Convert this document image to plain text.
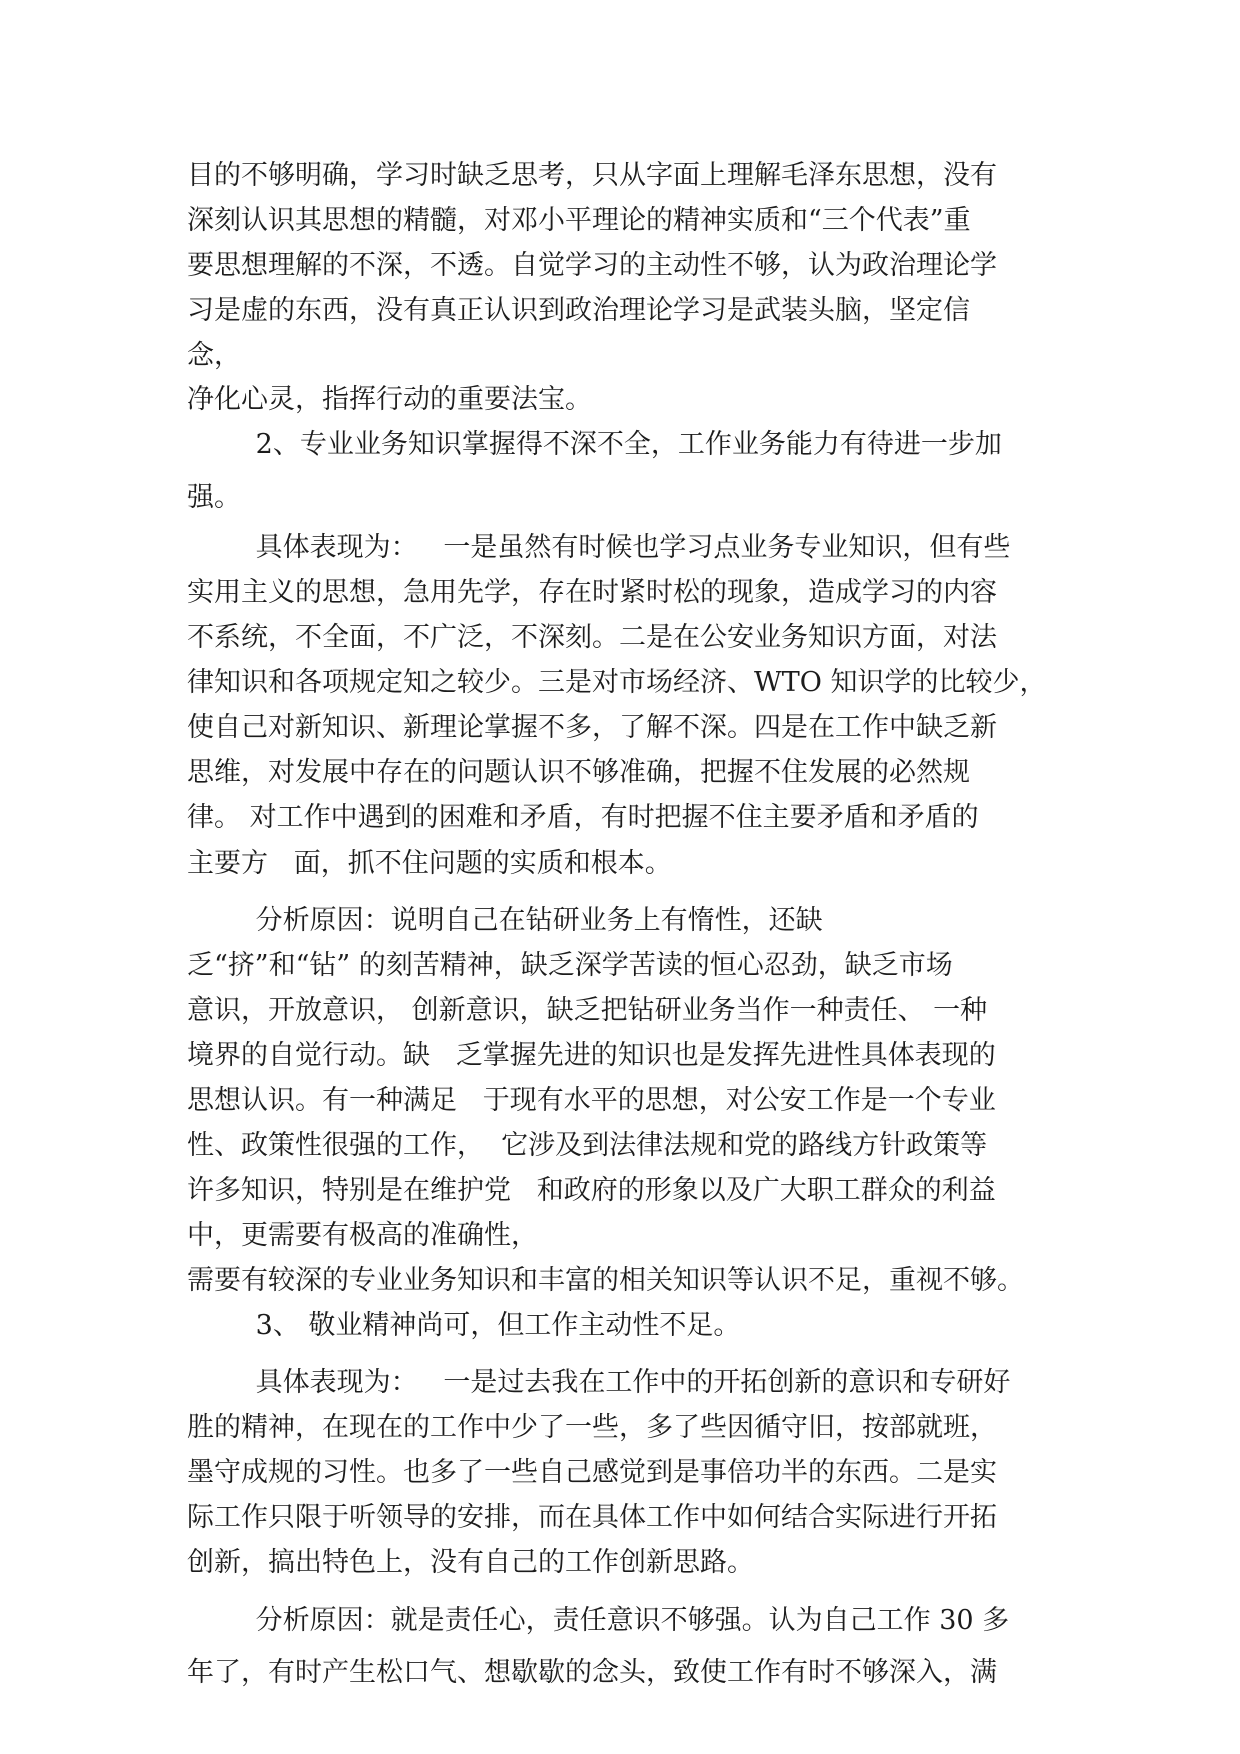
目的不够明确，学习时缺乏思考，只从字面上理解毛泽东思想，没有

深刻认识其思想的精髓，对邓小平理论的精神实质和“三个代表”重

要思想理解的不深，不透。自觉学习的主动性不够，认为政治理论学

习是虚的东西，没有真正认识到政治理论学习是武装头脑，坚定信

念，

净化心灵，指挥行动的重要法宝。

2、专业业务知识掌握得不深不全，工作业务能力有待进一步加

强。

具体表现为：   一是虽然有时候也学习点业务专业知识，但有些

实用主义的思想，急用先学，存在时紧时松的现象，造成学习的内容

不系统，不全面，不广泛，不深刻。二是在公安业务知识方面，对法

律知识和各项规定知之较少。三是对市场经济、WTO 知识学的比较少，

使自己对新知识、新理论掌握不多，了解不深。四是在工作中缺乏新

思维，对发展中存在的问题认识不够准确，把握不住发展的必然规

律。 对工作中遇到的困难和矛盾，有时把握不住主要矛盾和矛盾的

主要方   面，抓不住问题的实质和根本。

分析原因：说明自己在钻研业务上有惰性，还缺

乏“挤”和“钻” 的刻苦精神，缺乏深学苦读的恒心忍劲，缺乏市场

意识，开放意识， 创新意识，缺乏把钻研业务当作一种责任、 一种

境界的自觉行动。缺   乏掌握先进的知识也是发挥先进性具体表现的

思想认识。有一种满足   于现有水平的思想，对公安工作是一个专业

性、政策性很强的工作，  它涉及到法律法规和党的路线方针政策等

许多知识，特别是在维护党   和政府的形象以及广大职工群众的利益

中，更需要有极高的准确性，

需要有较深的专业业务知识和丰富的相关知识等认识不足，重视不够。

3、 敬业精神尚可，但工作主动性不足。

具体表现为：   一是过去我在工作中的开拓创新的意识和专研好

胜的精神，在现在的工作中少了一些，多了些因循守旧，按部就班，

墨守成规的习性。也多了一些自己感觉到是事倍功半的东西。二是实

际工作只限于听领导的安排，而在具体工作中如何结合实际进行开拓

创新，搞出特色上，没有自己的工作创新思路。

分析原因：就是责任心，责任意识不够强。认为自己工作 30 多

年了，有时产生松口气、想歇歇的念头，致使工作有时不够深入，满
